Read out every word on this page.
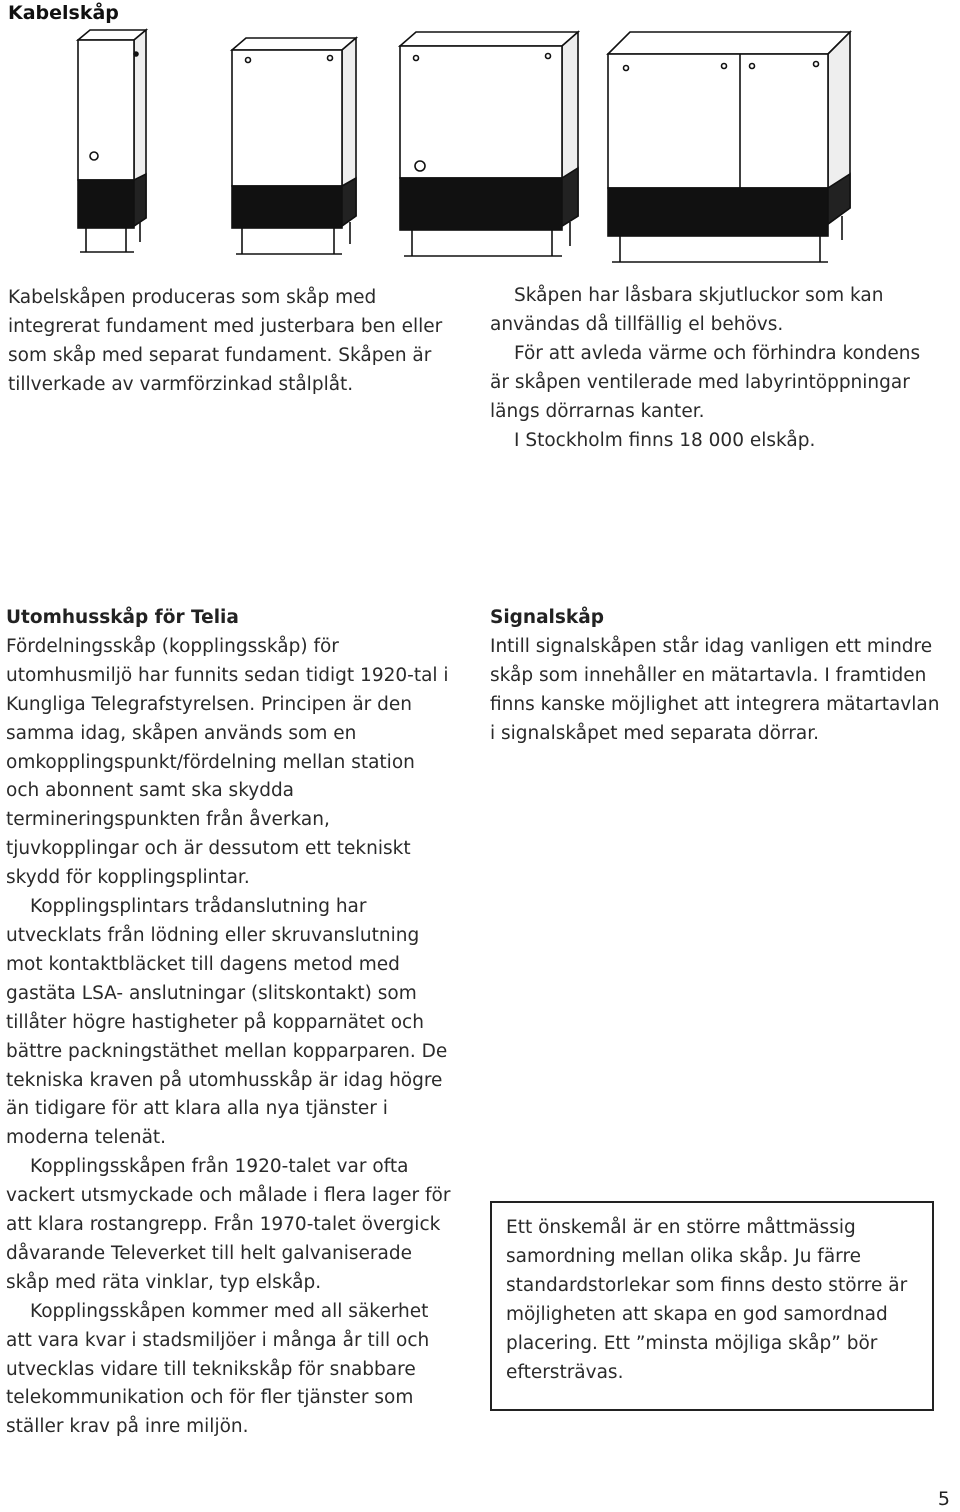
Kabelskåp

Kabelskåpen produceras som skåp med integrerat fundament med justerbara ben eller som skåp med separat fundament. Skåpen är tillverkade av varmförzinkad stålplåt.

Skåpen har låsbara skjutluckor som kan användas då tillfällig el behövs.

För att avleda värme och förhindra kondens är skåpen ventilerade med labyrintöppningar längs dörrarnas kanter.

I Stockholm finns 18 000 elskåp.

Utomhusskåp för Telia

Fördelningsskåp (kopplingsskåp) för utomhusmiljö har funnits sedan tidigt 1920-tal i Kungliga Telegrafstyrelsen. Principen är den samma idag, skåpen används som en omkopplingspunkt/fördelning mellan station och abonnent samt ska skydda termineringspunkten från åverkan, tjuvkopplingar och är dessutom ett tekniskt skydd för kopplingsplintar.

Kopplingsplintars trådanslutning har utvecklats från lödning eller skruvanslutning mot kontaktbläcket till dagens metod med gastäta LSA- anslutningar (slitskontakt) som tillåter högre hastigheter på kopparnätet och bättre packningstäthet mellan kopparparen. De tekniska kraven på utomhusskåp är idag högre än tidigare för att klara alla nya tjänster i moderna telenät.

Kopplingsskåpen från 1920-talet var ofta vackert utsmyckade och målade i flera lager för att klara rostangrepp. Från 1970-talet övergick dåvarande Televerket till helt galvaniserade skåp med räta vinklar, typ elskåp.

Kopplingsskåpen kommer med all säkerhet att vara kvar i stadsmiljöer i många år till och utvecklas vidare till teknikskåp för snabbare telekommunikation och för fler tjänster som ställer krav på inre miljön.

Signalskåp

Intill signalskåpen står idag vanligen ett mindre skåp som innehåller en mätartavla. I framtiden finns kanske möjlighet att integrera mätartavlan i signalskåpet med separata dörrar.

Ett önskemål är en större måttmässig samordning mellan olika skåp. Ju färre standardstorlekar som finns desto större är möjligheten att skapa en god samordnad placering. Ett ”minsta möjliga skåp” bör eftersträvas.
5
